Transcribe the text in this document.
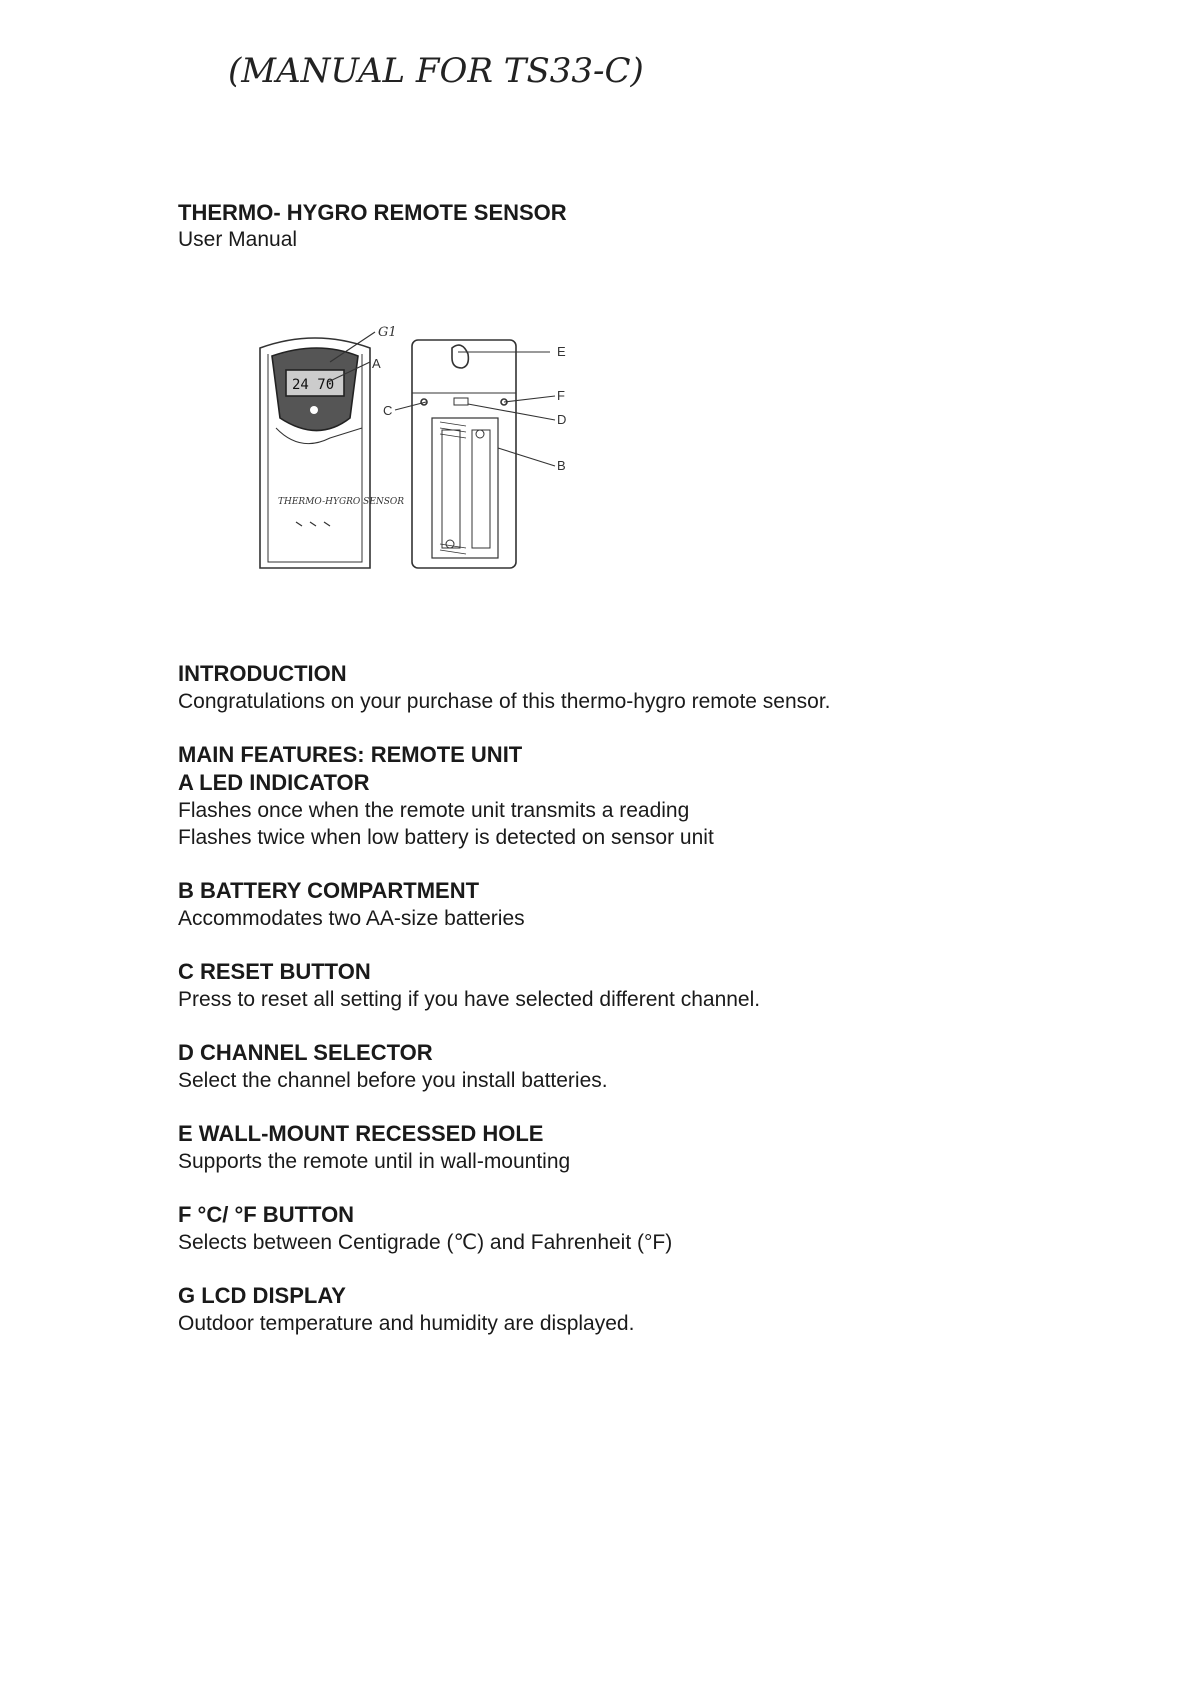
(MANUAL FOR TS33-C)
THERMO- HYGRO REMOTE SENSOR
User Manual
24 70
THERMO-HYGRO SENSOR
G1
A
C
E
F
D
B
INTRODUCTION

Congratulations on your purchase of this thermo-hygro remote sensor.

MAIN FEATURES: REMOTE UNIT
A LED INDICATOR

Flashes once when the remote unit transmits a reading

Flashes twice when low battery is detected on sensor unit

B BATTERY COMPARTMENT

Accommodates two AA-size batteries

C RESET BUTTON

Press to reset all setting if you have selected different channel.

D CHANNEL SELECTOR

Select the channel before you install batteries.

E WALL-MOUNT RECESSED HOLE

Supports the remote until in wall-mounting

F °C/ °F BUTTON

Selects between Centigrade (℃) and Fahrenheit (°F)

G LCD DISPLAY

Outdoor temperature and humidity are displayed.
